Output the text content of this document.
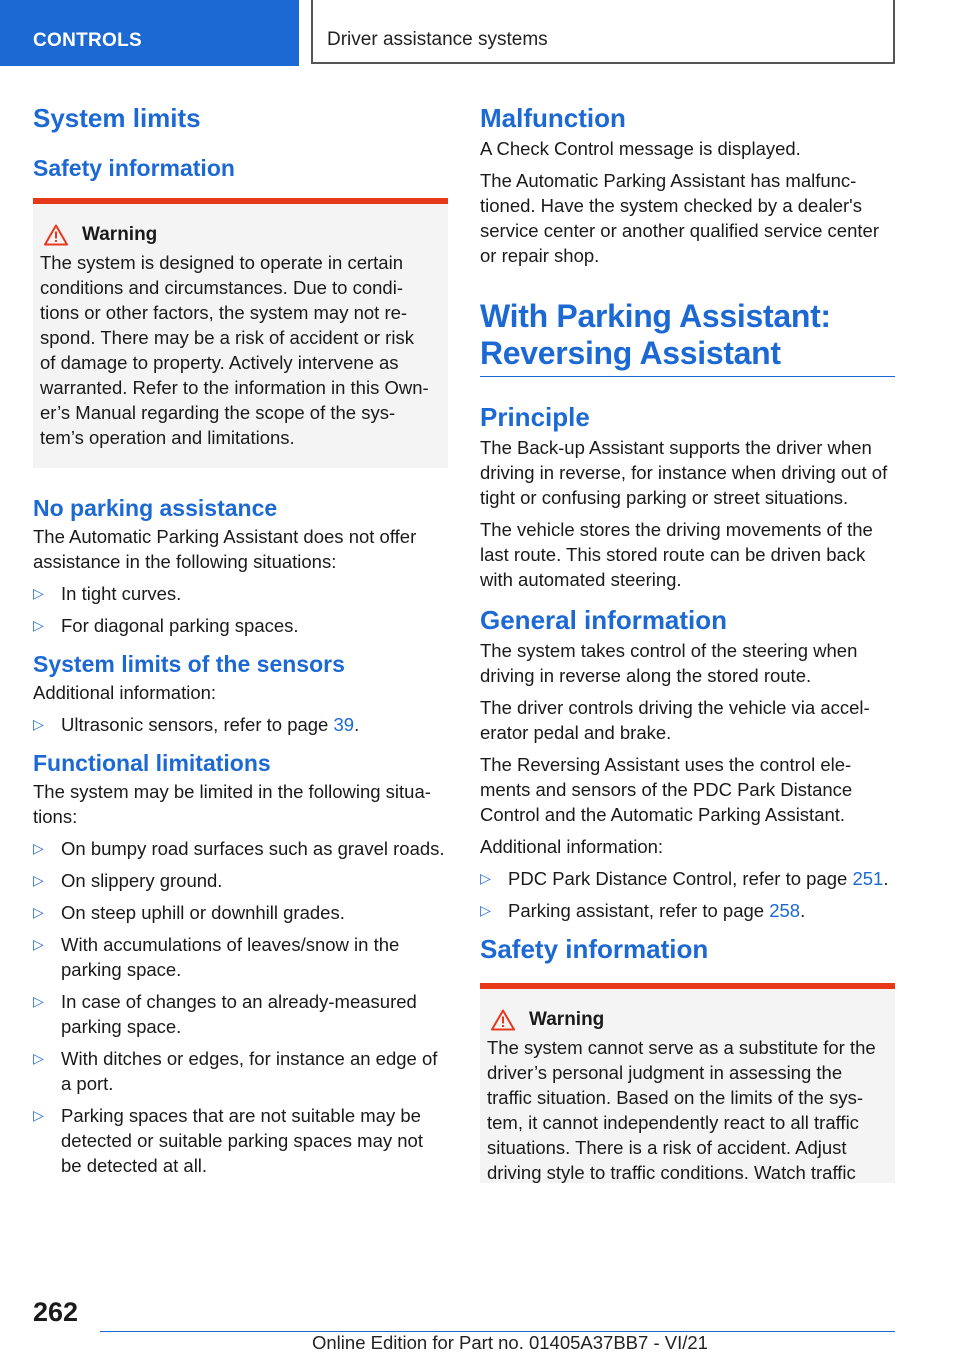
CONTROLS	Driver assistance systems
System limits
Safety information
Warning

The system is designed to operate in certain
conditions and circumstances. Due to condi‐
tions or other factors, the system may not re‐
spond. There may be a risk of accident or risk
of damage to property. Actively intervene as
warranted. Refer to the information in this Own‐
er’s Manual regarding the scope of the sys‐
tem’s operation and limitations.

No parking assistance

The Automatic Parking Assistant does not offer assistance in the following situations:

▷ In tight curves.
▷ For diagonal parking spaces.
System limits of the sensors

Additional information:

▷ Ultrasonic sensors, refer to page 39.
Functional limitations

The system may be limited in the following situa‐tions:

▷ On bumpy road surfaces such as gravel roads.
▷ On slippery ground.
▷ On steep uphill or downhill grades.
▷ With accumulations of leaves/snow in the parking space.
▷ In case of changes to an already-measured parking space.
▷ With ditches or edges, for instance an edge of a port.
▷ Parking spaces that are not suitable may be detected or suitable parking spaces may not be detected at all.
Malfunction

A Check Control message is displayed.

The Automatic Parking Assistant has malfunc‐tioned. Have the system checked by a dealer's service center or another qualified service center or repair shop.

With Parking Assistant:
Reversing Assistant
Principle

The Back-up Assistant supports the driver when driving in reverse, for instance when driving out of tight or confusing parking or street situations.

The vehicle stores the driving movements of the last route. This stored route can be driven back with automated steering.

General information

The system takes control of the steering when driving in reverse along the stored route.

The driver controls driving the vehicle via accel‐erator pedal and brake.

The Reversing Assistant uses the control ele‐ments and sensors of the PDC Park Distance Control and the Automatic Parking Assistant.

Additional information:

▷ PDC Park Distance Control, refer to page 251.
▷ Parking assistant, refer to page 258.
Safety information
Warning

The system cannot serve as a substitute for the
driver’s personal judgment in assessing the
traffic situation. Based on the limits of the sys‐
tem, it cannot independently react to all traffic
situations. There is a risk of accident. Adjust
driving style to traffic conditions. Watch traffic

262
Online Edition for Part no. 01405A37BB7 - VI/21
